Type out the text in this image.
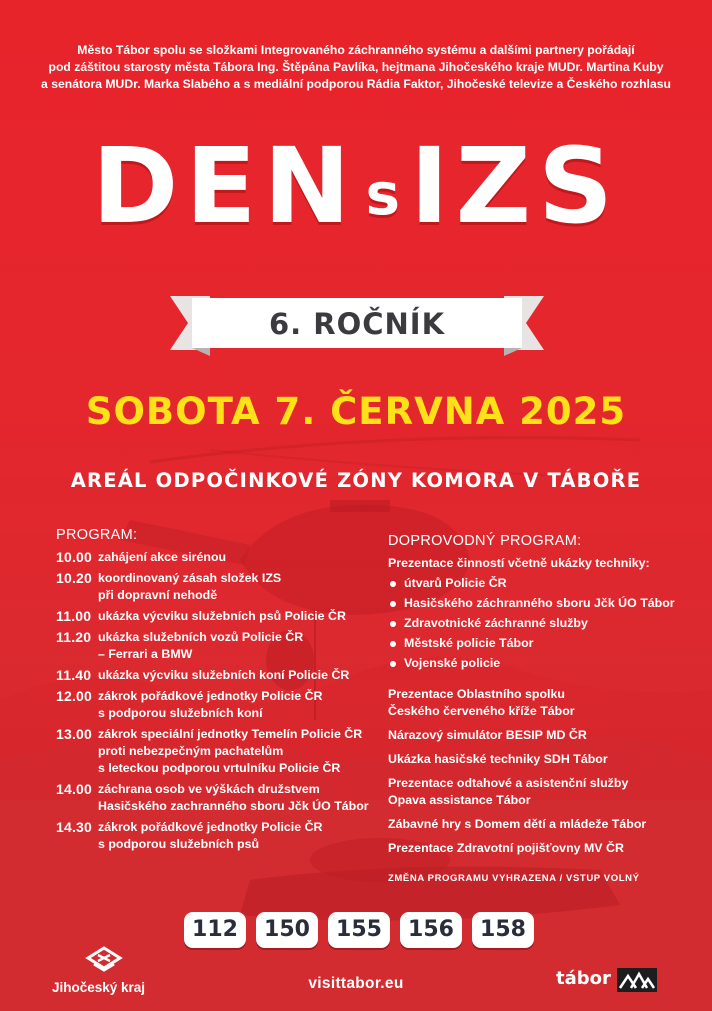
Město Tábor spolu se složkami Integrovaného záchranného systému a dalšími partnery pořádají
pod záštitou starosty města Tábora Ing. Štěpána Pavlíka, hejtmana Jihočeského kraje MUDr. Martina Kuby
a senátora MUDr. Marka Slabého a s mediální podporou Rádia Faktor, Jihočeské televize a Českého rozhlasu
DEN sIZS
6. ROČNÍK
SOBOTA 7. ČERVNA 2025
AREÁL ODPOČINKOVÉ ZÓNY KOMORA V TÁBOŘE
PROGRAM:
10.00 zahájení akce sirénou
10.20 koordinovaný zásah složek IZS
při dopravní nehodě
11.00 ukázka výcviku služebních psů Policie ČR
11.20 ukázka služebních vozů Policie ČR
– Ferrari a BMW
11.40 ukázka výcviku služebních koní Policie ČR
12.00 zákrok pořádkové jednotky Policie ČR
s podporou služebních koní
13.00 zákrok speciální jednotky Temelín Policie ČR
proti nebezpečným pachatelům
s leteckou podporou vrtulníku Policie ČR
14.00 záchrana osob ve výškách družstvem
Hasičského zachranného sboru Jčk ÚO Tábor
14.30 zákrok pořádkové jednotky Policie ČR
s podporou služebních psů
DOPROVODNÝ PROGRAM:
Prezentace činností včetně ukázky techniky:
útvarů Policie ČR
Hasičského záchranného sboru Jčk ÚO Tábor
Zdravotnické záchranné služby
Městské policie Tábor
Vojenské policie
Prezentace Oblastního spolku
Českého červeného kříže Tábor
Nárazový simulátor BESIP MD ČR
Ukázka hasičské techniky SDH Tábor
Prezentace odtahové a asistenční služby
Opava assistance Tábor
Zábavné hry s Domem dětí a mládeže Tábor
Prezentace Zdravotní pojišťovny MV ČR
ZMĚNA PROGRAMU VYHRAZENA / VSTUP VOLNÝ
112	150	155	156	158
Jihočeský kraj	visittabor.eu	tábor
